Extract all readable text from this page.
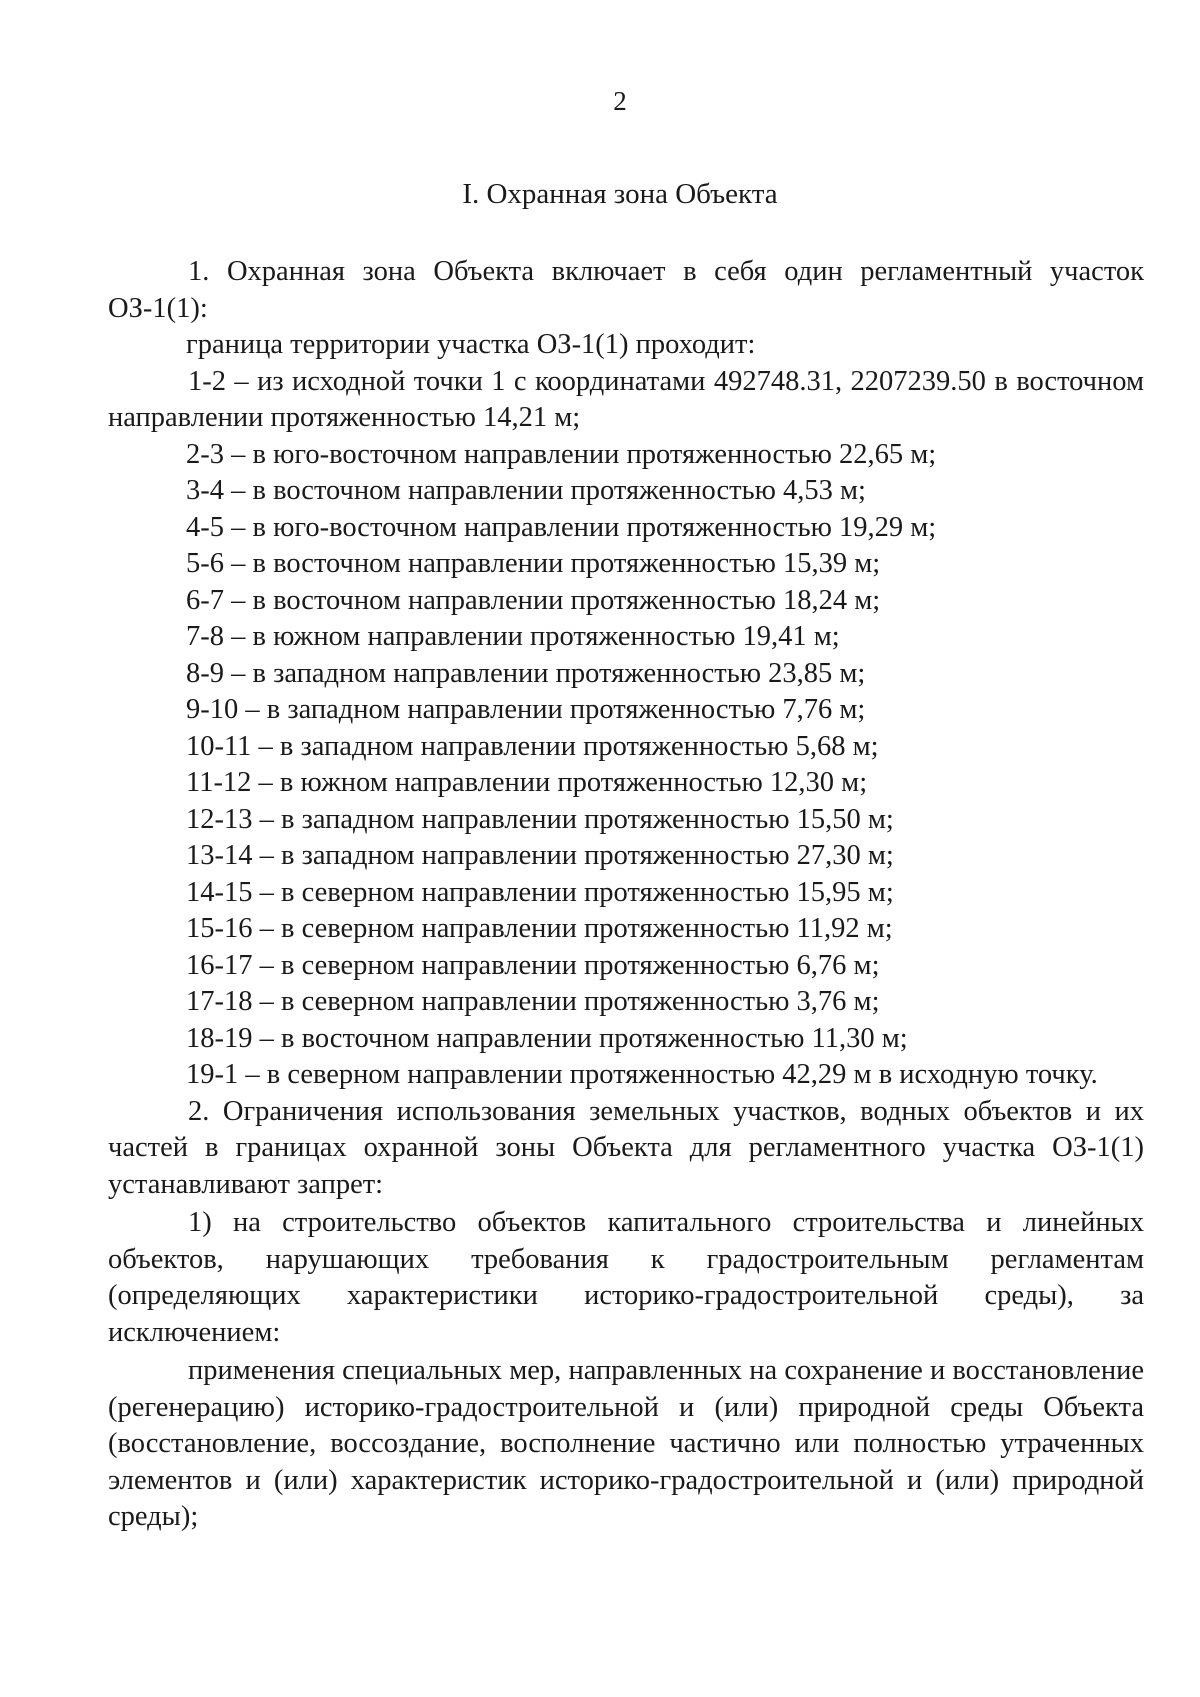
2
I. Охранная зона Объекта

1. Охранная зона Объекта включает в себя один регламентный участок ОЗ-1(1):

граница территории участка ОЗ-1(1) проходит:

1-2 – из исходной точки 1 с координатами 492748.31, 2207239.50 в восточном направлении протяженностью 14,21 м;

2-3 – в юго-восточном направлении протяженностью 22,65 м;

3-4 – в восточном направлении протяженностью 4,53 м;

4-5 – в юго-восточном направлении протяженностью 19,29 м;

5-6 – в восточном направлении протяженностью 15,39 м;

6-7 – в восточном направлении протяженностью 18,24 м;

7-8 – в южном направлении протяженностью 19,41 м;

8-9 – в западном направлении протяженностью 23,85 м;

9-10 – в западном направлении протяженностью 7,76 м;

10-11 – в западном направлении протяженностью 5,68 м;

11-12 – в южном направлении протяженностью 12,30 м;

12-13 – в западном направлении протяженностью 15,50 м;

13-14 – в западном направлении протяженностью 27,30 м;

14-15 – в северном направлении протяженностью 15,95 м;

15-16 – в северном направлении протяженностью 11,92 м;

16-17 – в северном направлении протяженностью 6,76 м;

17-18 – в северном направлении протяженностью 3,76 м;

18-19 – в восточном направлении протяженностью 11,30 м;

19-1 – в северном направлении протяженностью 42,29 м в исходную точку.

2. Ограничения использования земельных участков, водных объектов и их частей в границах охранной зоны Объекта для регламентного участка ОЗ-1(1) устанавливают запрет:

1) на строительство объектов капитального строительства и линейных объектов, нарушающих требования к градостроительным регламентам (определяющих характеристики историко-градостроительной среды), за исключением:

применения специальных мер, направленных на сохранение и восстановление (регенерацию) историко-градостроительной и (или) природной среды Объекта (восстановление, воссоздание, восполнение частично или полностью утраченных элементов и (или) характеристик историко-градостроительной и (или) природной среды);
